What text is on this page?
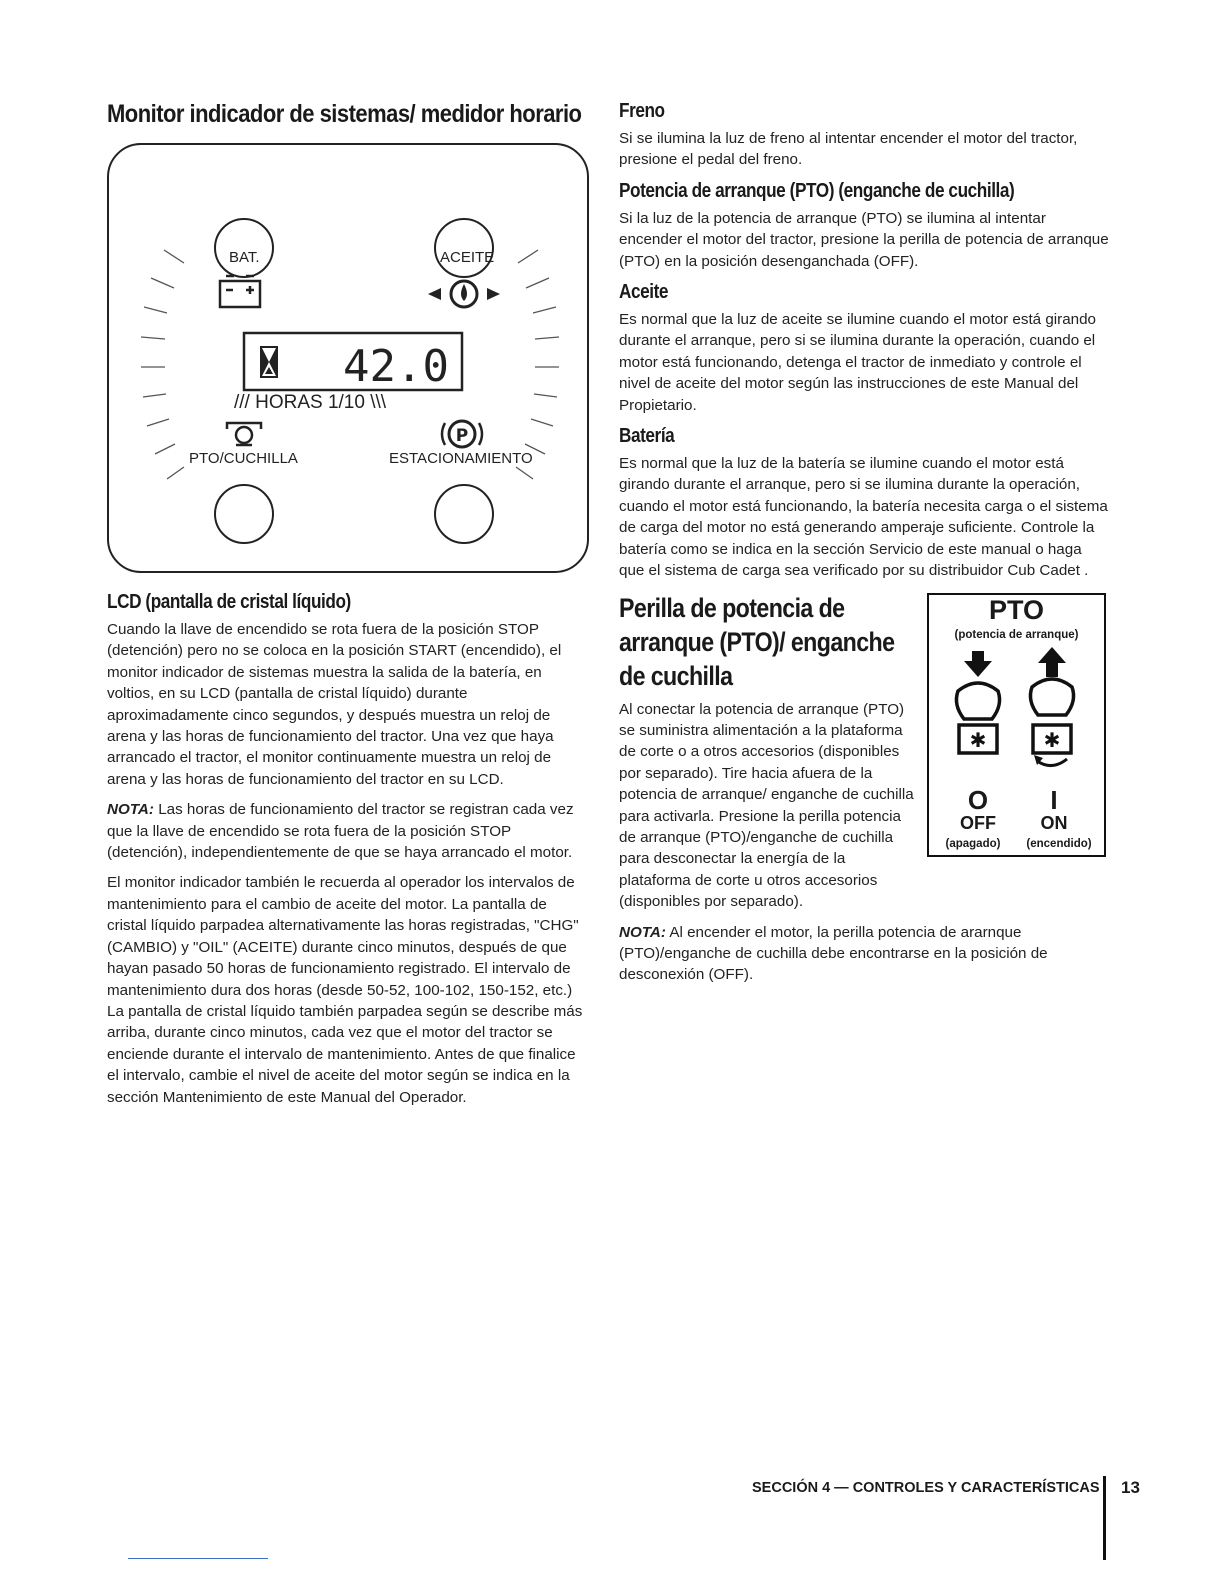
Monitor indicador de sistemas/ medidor horario
42.0
P
BAT.	ACEITE
/// HORAS 1/10 \\\
PTO/CUCHILLA	ESTACIONAMIENTO
LCD (pantalla de cristal líquido)

Cuando la llave de encendido se rota fuera de la posición STOP (detención) pero no se coloca en la posición START (encendido), el monitor indicador de sistemas muestra la salida de la batería, en voltios, en su LCD (pantalla de cristal líquido) durante aproximadamente cinco segundos, y después muestra un reloj de arena y las horas de funcionamiento del tractor. Una vez que haya arrancado el tractor, el monitor continuamente muestra un reloj de arena y las horas de funcionamiento del tractor en su LCD.

NOTA: Las horas de funcionamiento del tractor se registran cada vez que la llave de encendido se rota fuera de la posición STOP (detención), independientemente de que se haya arrancado el motor.

El monitor indicador también le recuerda al operador los intervalos de mantenimiento para el cambio de aceite del motor. La pantalla de cristal líquido parpadea alternativamente las horas registradas, "CHG" (CAMBIO) y "OIL" (ACEITE) durante cinco minutos, después de que hayan pasado 50 horas de funcionamiento registrado. El intervalo de mantenimiento dura dos horas (desde 50-52, 100-102, 150-152, etc.) La pantalla de cristal líquido también parpadea según se describe más arriba, durante cinco minutos, cada vez que el motor del tractor se enciende durante el intervalo de mantenimiento. Antes de que finalice el intervalo, cambie el nivel de aceite del motor según se indica en la sección Mantenimiento de este Manual del Operador.

Freno

Si se ilumina la luz de freno al intentar encender el motor del tractor, presione el pedal del freno.

Potencia de arranque (PTO) (enganche de cuchilla)

Si la luz de la potencia de arranque (PTO) se ilumina al intentar encender el motor del tractor, presione la perilla de potencia de arranque (PTO) en la posición desenganchada (OFF).

Aceite

Es normal que la luz de aceite se ilumine cuando el motor está girando durante el arranque, pero si se ilumina durante la operación, cuando el motor está funcionando, detenga el tractor de inmediato y controle el nivel de aceite del motor según las instrucciones de este Manual del Propietario.

Batería

Es normal que la luz de la batería se ilumine cuando el motor está girando durante el arranque, pero si se ilumina durante la operación, cuando el motor está funcionando, la batería necesita carga o el sistema de carga del motor no está generando amperaje suficiente. Controle la batería como se indica en la sección Servicio de este manual o haga que el sistema de carga sea verificado por su distribuidor Cub Cadet .

Perilla de potencia de arranque (PTO)/ enganche de cuchilla

Al conectar la potencia de arranque (PTO) se suministra alimentación a la plataforma de corte o a otros accesorios (disponibles por separado). Tire hacia afuera de la potencia de arranque/ enganche de cuchilla para activarla. Presione la perilla potencia de arranque (PTO)/enganche de cuchilla para desconectar la energía de la plataforma de corte u otros accesorios (disponibles por separado).

NOTA: Al encender el motor, la perilla potencia de ararnque (PTO)/enganche de cuchilla debe encontrarse en la posición de desconexión (OFF).

PTO
(potencia de arranque)
✱	✱
O	I
OFF	ON
(apagado)	(encendido)
SECCIÓN 4 — CONTROLES Y CARACTERÍSTICAS 13
